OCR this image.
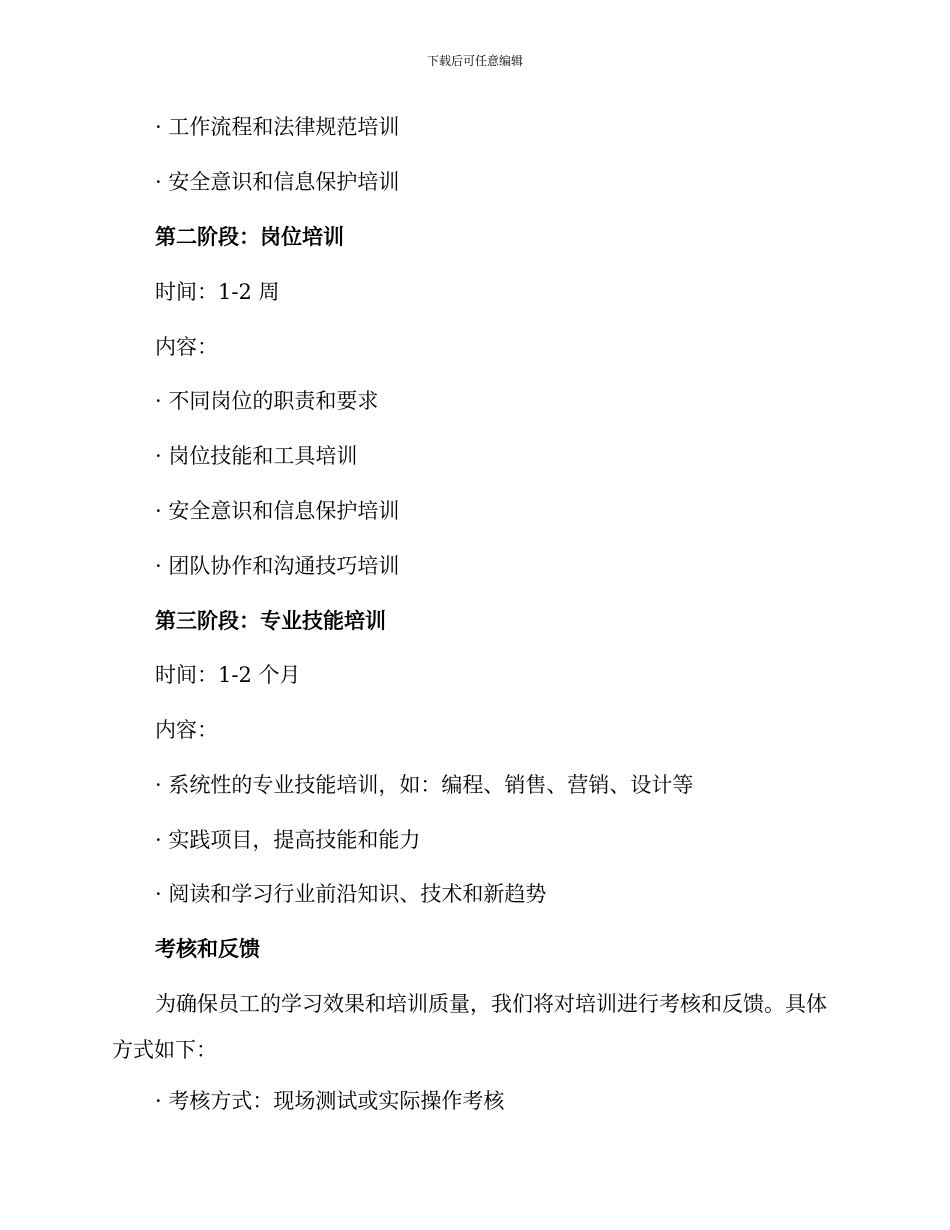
下载后可任意编辑
· 工作流程和法律规范培训
· 安全意识和信息保护培训
第二阶段：岗位培训
时间：1-2 周
内容：
· 不同岗位的职责和要求
· 岗位技能和工具培训
· 安全意识和信息保护培训
· 团队协作和沟通技巧培训
第三阶段：专业技能培训
时间：1-2 个月
内容：
· 系统性的专业技能培训，如：编程、销售、营销、设计等
· 实践项目，提高技能和能力
· 阅读和学习行业前沿知识、技术和新趋势
考核和反馈
为确保员工的学习效果和培训质量，我们将对培训进行考核和反馈。具体方式如下：
· 考核方式：现场测试或实际操作考核
